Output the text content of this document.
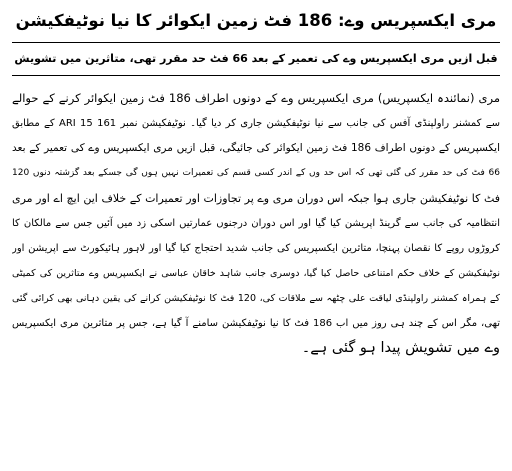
مری ایکسپریس وے: 186 فٹ زمین ایکوائر کا نیا نوٹیفکیشن
قبل ازیں مری ایکسپریس وے کی تعمیر کے بعد 66 فٹ حد مقرر تھی، متاثرین میں تشویش
مری (نمائندہ ایکسپریس) مری ایکسپریس وے کے دونوں اطراف 186 فٹ زمین ایکوائر کرنے کے حوالے
سے کمشنر راولپنڈی آفس کی جانب سے نیا نوٹیفکیشن جاری کر دیا گیا۔ نوٹیفکیشن نمبر 161 ARI 15 کے مطابق
ایکسپریس کے دونوں اطراف 186 فٹ زمین ایکوائر کی جائیگی، قبل ازیں مری ایکسپریس وے کی تعمیر کے بعد
66 فٹ کی حد مقرر کی گئی تھی کہ اس حد وں کے اندر کسی قسم کی تعمیرات نہیں ہوں گی جسکے بعد گزشتہ دنوں 120
فٹ کا نوٹیفکیشن جاری ہوا جبکہ اس دوران مری وے پر تجاوزات اور تعمیرات کے خلاف این ایچ اے اور مری
انتظامیہ کی جانب سے گرینڈ اپریشن کیا گیا اور اس دوران درجنوں عمارتیں اسکی زد میں آئیں جس سے مالکان کا
کروڑوں روپے کا نقصان پہنچا، متاثرین ایکسپریس کی جانب شدید احتجاج کیا گیا اور لاہور ہائیکورٹ سے اپریشن اور
نوٹیفکیشن کے خلاف حکم امتناعی حاصل کیا گیا، دوسری جانب شاہد خاقان عباسی نے ایکسپریس وے متاثرین کی کمیٹی
کے ہمراہ کمشنر راولپنڈی لیاقت علی چٹھہ سے ملاقات کی، 120 فٹ کا نوٹیفکیشن کرانے کی یقین دہانی بھی کرائی گئی
تھی، مگر اس کے چند ہی روز میں اب 186 فٹ کا نیا نوٹیفکیشن سامنے آ گیا ہے، جس پر متاثرین مری ایکسپریس
وے میں تشویش پیدا ہو گئی ہے۔
